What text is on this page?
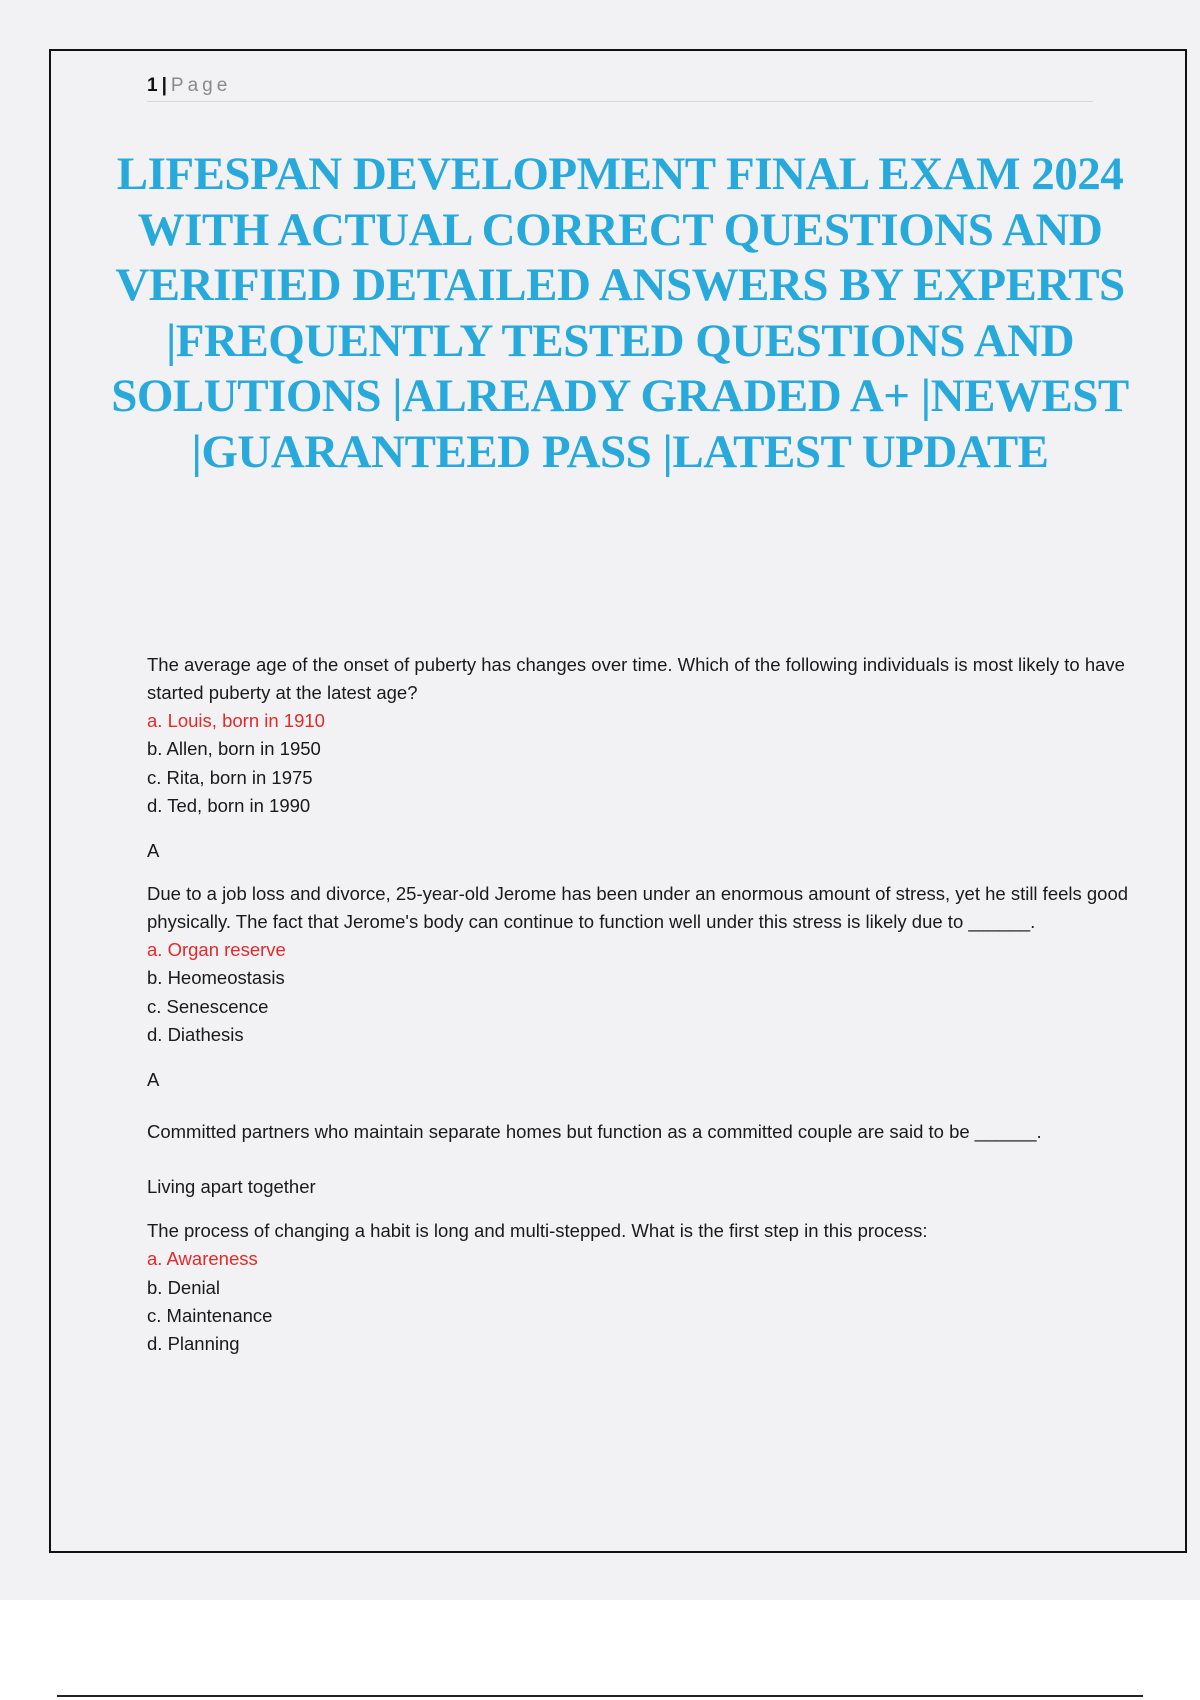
1 | Page
LIFESPAN DEVELOPMENT FINAL EXAM 2024 WITH ACTUAL CORRECT QUESTIONS AND VERIFIED DETAILED ANSWERS BY EXPERTS |FREQUENTLY TESTED QUESTIONS AND SOLUTIONS |ALREADY GRADED A+ |NEWEST |GUARANTEED PASS |LATEST UPDATE

The average age of the onset of puberty has changes over time. Which of the following individuals is most likely to have started puberty at the latest age?

a. Louis, born in 1910
b. Allen, born in 1950
c. Rita, born in 1975
d. Ted, born in 1990

A

Due to a job loss and divorce, 25-year-old Jerome has been under an enormous amount of stress, yet he still feels good physically. The fact that Jerome's body can continue to function well under this stress is likely due to ______.

a. Organ reserve
b. Heomeostasis
c. Senescence
d. Diathesis

A

Committed partners who maintain separate homes but function as a committed couple are said to be ______.

Living apart together

The process of changing a habit is long and multi-stepped. What is the first step in this process:

a. Awareness
b. Denial
c. Maintenance
d. Planning
